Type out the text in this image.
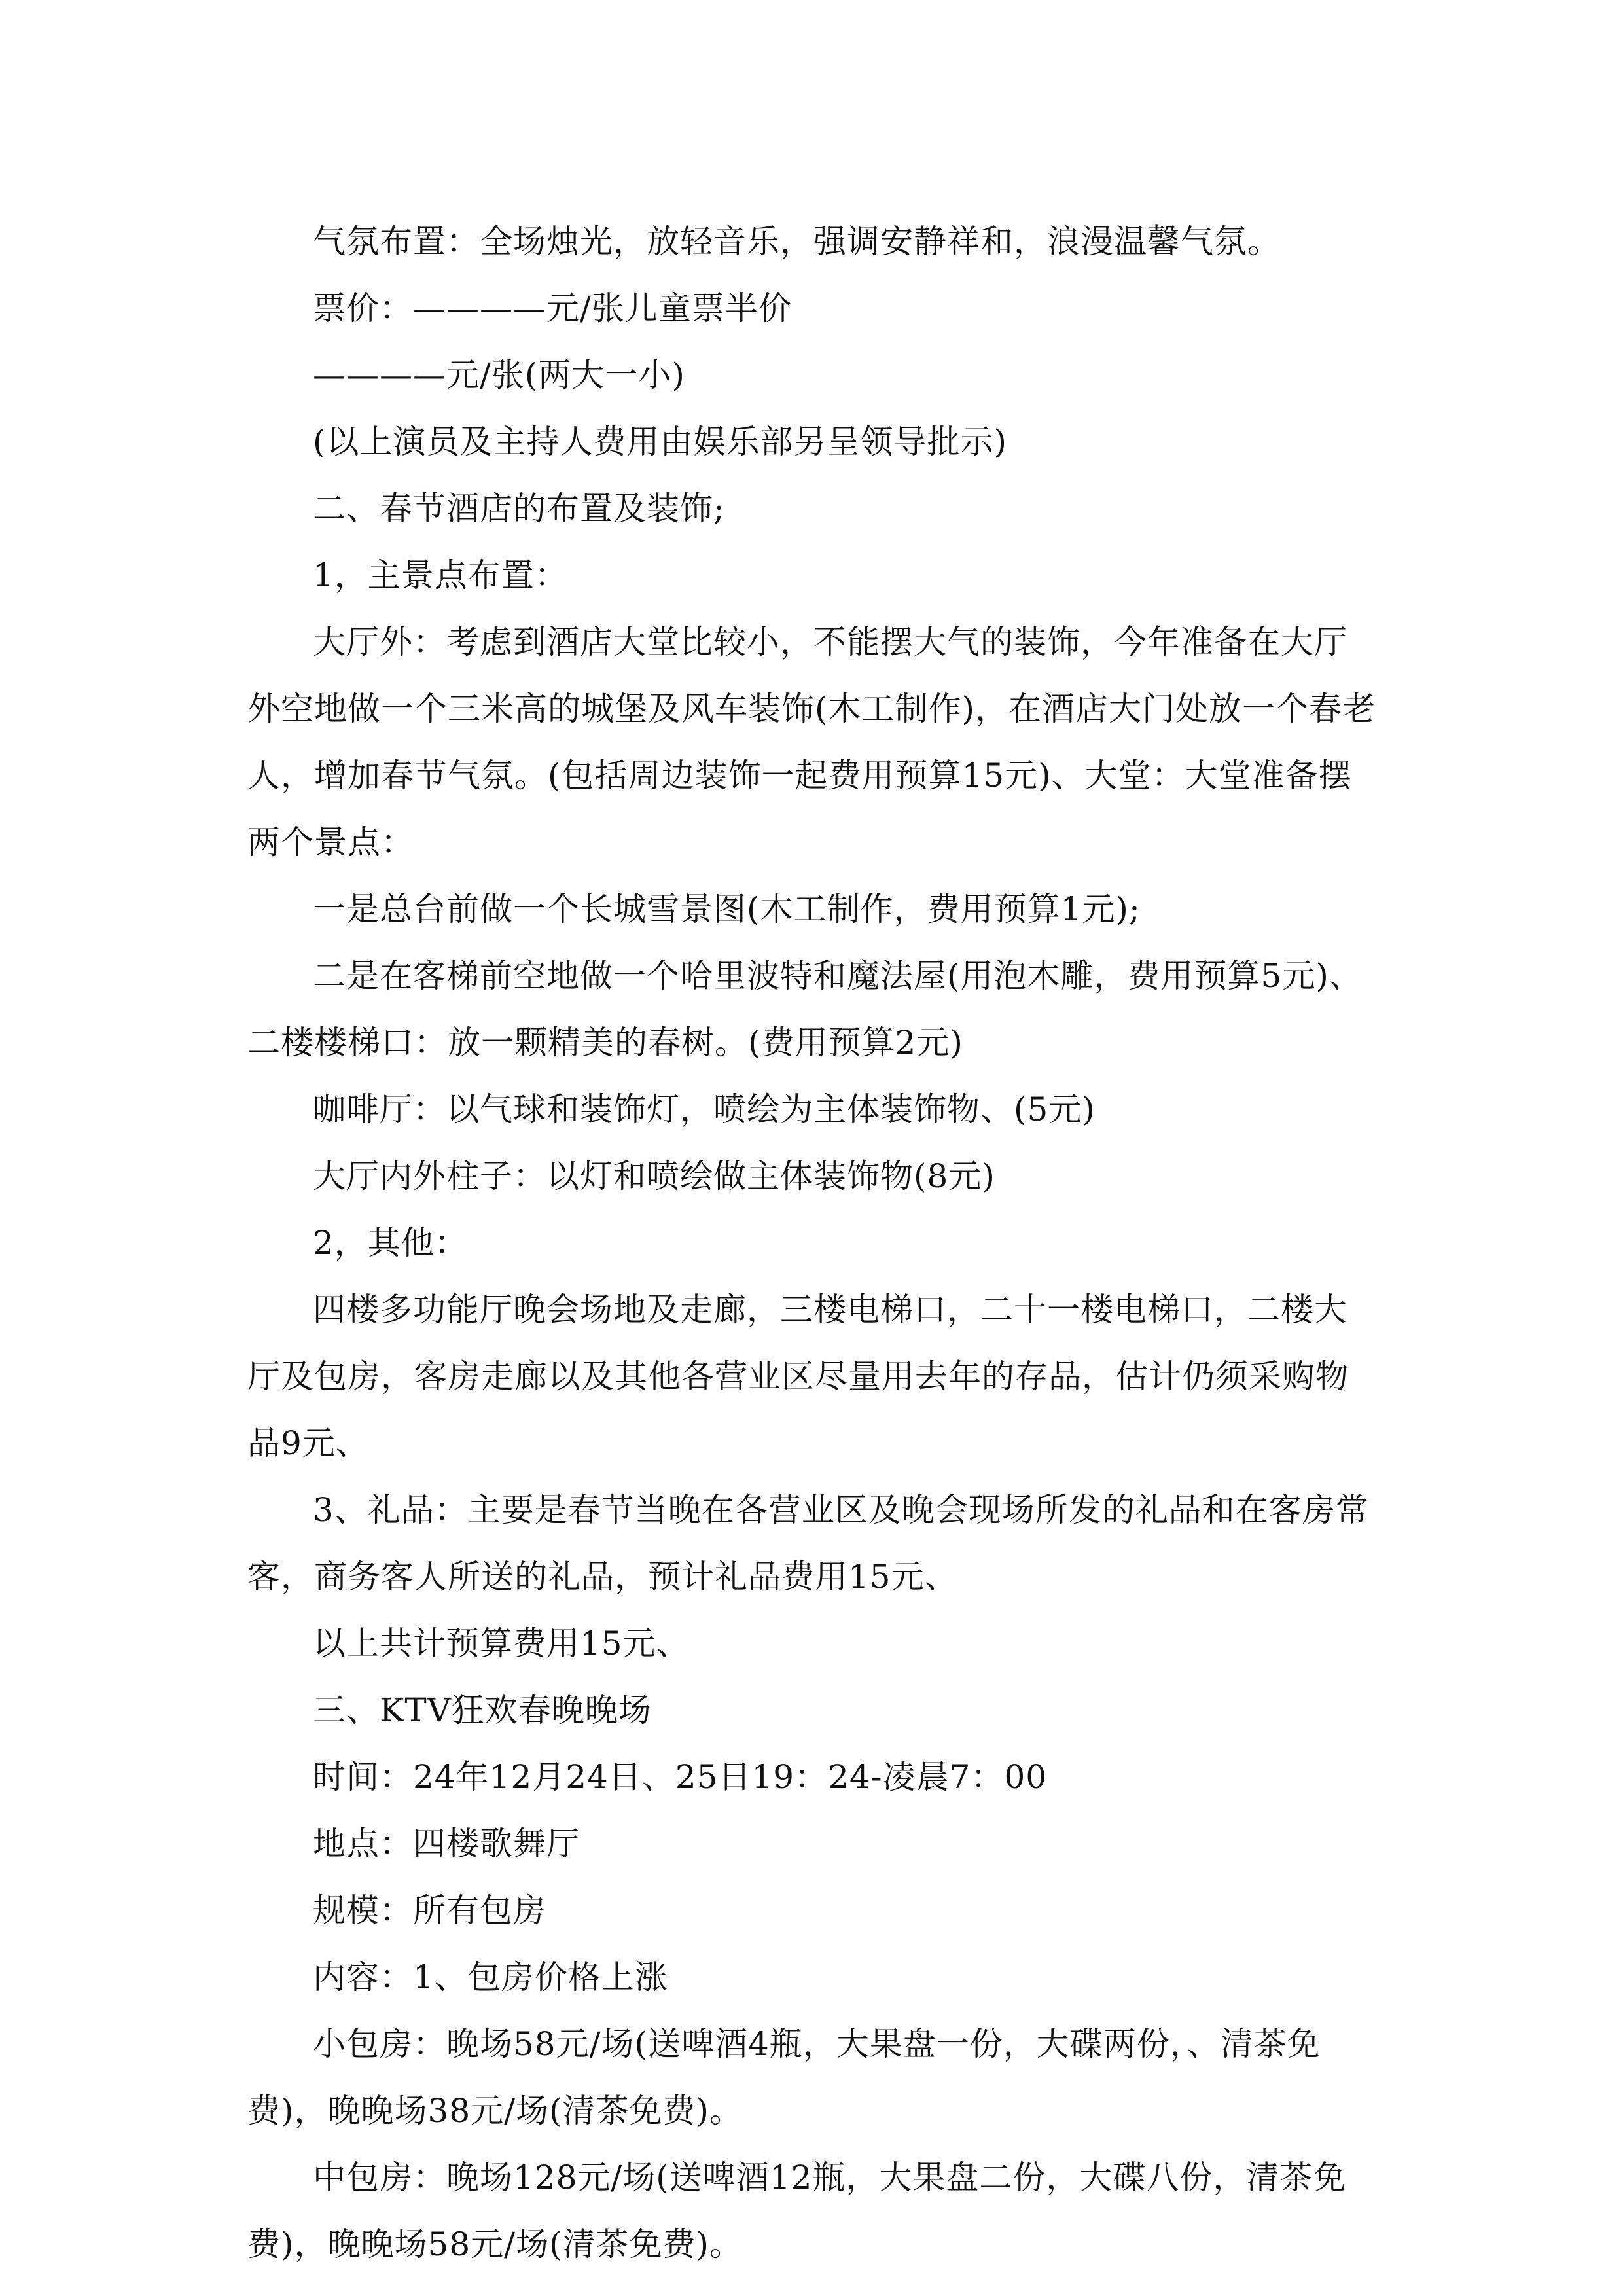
气氛布置：全场烛光，放轻音乐，强调安静祥和，浪漫温馨气氛。

票价：————元/张儿童票半价

————元/张(两大一小)

(以上演员及主持人费用由娱乐部另呈领导批示)

二、春节酒店的布置及装饰;

1，主景点布置：

大厅外：考虑到酒店大堂比较小，不能摆大气的装饰，今年准备在大厅外空地做一个三米高的城堡及风车装饰(木工制作)，在酒店大门处放一个春老人，增加春节气氛。(包括周边装饰一起费用预算15元)、大堂：大堂准备摆两个景点：

一是总台前做一个长城雪景图(木工制作，费用预算1元);

二是在客梯前空地做一个哈里波特和魔法屋(用泡木雕，费用预算5元)、二楼楼梯口：放一颗精美的春树。(费用预算2元)

咖啡厅：以气球和装饰灯，喷绘为主体装饰物、(5元)

大厅内外柱子：以灯和喷绘做主体装饰物(8元)

2，其他：

四楼多功能厅晚会场地及走廊，三楼电梯口，二十一楼电梯口，二楼大厅及包房，客房走廊以及其他各营业区尽量用去年的存品，估计仍须采购物品9元、

3、礼品：主要是春节当晚在各营业区及晚会现场所发的礼品和在客房常客，商务客人所送的礼品，预计礼品费用15元、

以上共计预算费用15元、

三、KTV狂欢春晚晚场

时间：24年12月24日、25日19：24-凌晨7：00

地点：四楼歌舞厅

规模：所有包房

内容：1、包房价格上涨

小包房：晚场58元/场(送啤酒4瓶，大果盘一份，大碟两份，、清茶免费)，晚晚场38元/场(清茶免费)。

中包房：晚场128元/场(送啤酒12瓶，大果盘二份，大碟八份，清茶免费)，晚晚场58元/场(清茶免费)。
